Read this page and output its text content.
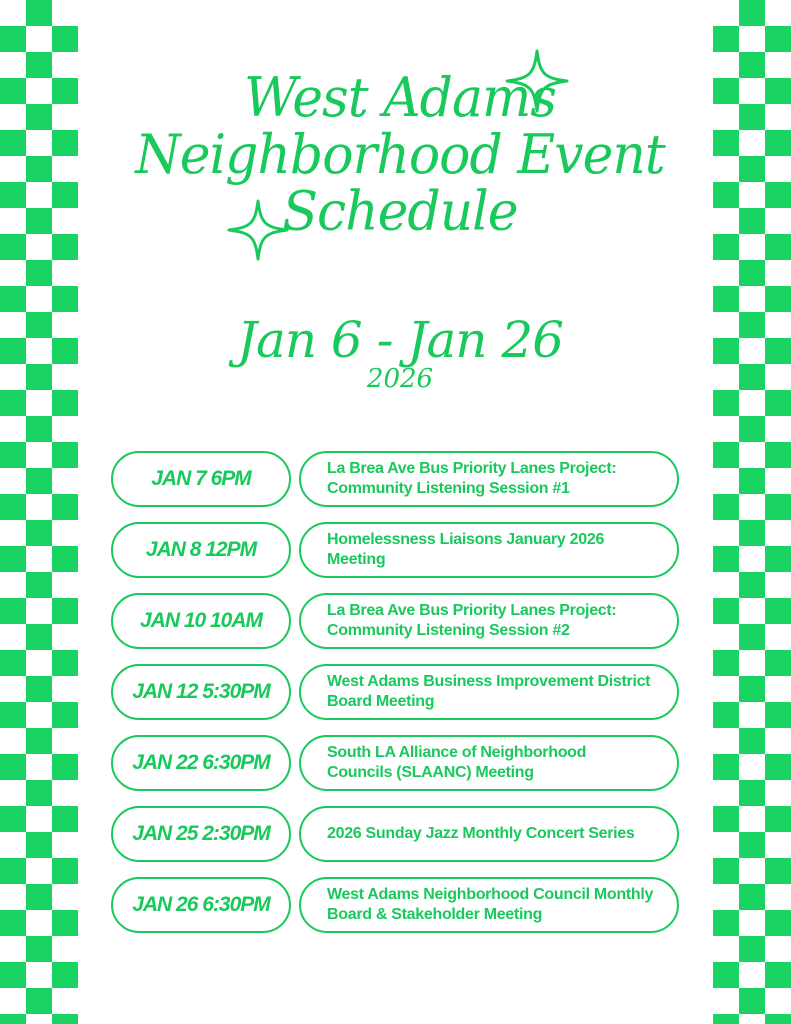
West Adams
Neighborhood Event
Schedule
Jan 6 - Jan 26
2026
JAN 7 6PM	La Brea Ave Bus Priority Lanes Project: Community Listening Session #1
JAN 8 12PM	Homelessness Liaisons January 2026 Meeting
JAN 10 10AM	La Brea Ave Bus Priority Lanes Project: Community Listening Session #2
JAN 12 5:30PM	West Adams Business Improvement District Board Meeting
JAN 22 6:30PM	South LA Alliance of Neighborhood Councils (SLAANC) Meeting
JAN 25 2:30PM	2026 Sunday Jazz Monthly Concert Series
JAN 26 6:30PM	West Adams Neighborhood Council Monthly Board & Stakeholder Meeting
